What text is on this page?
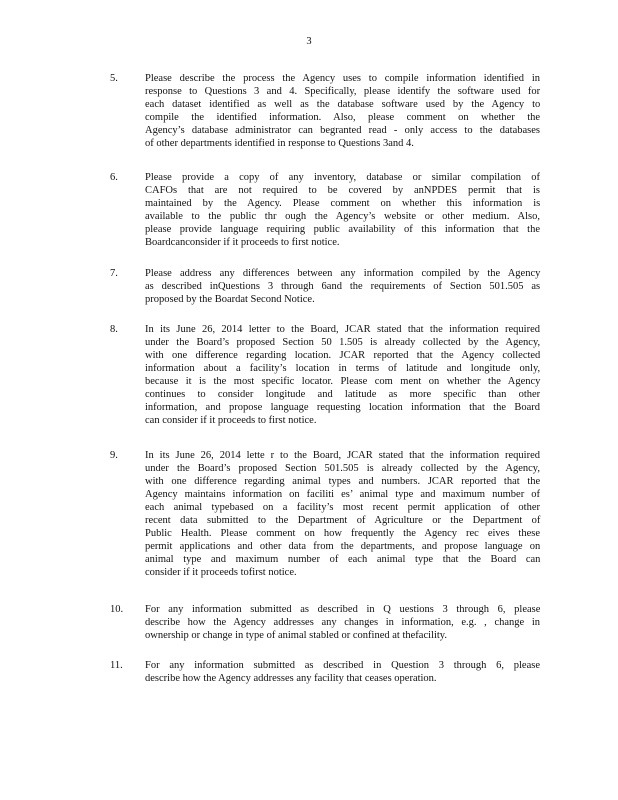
3
5.	Please describe the process the Agency uses to compile information identified in
response to Questions 3 and 4. Specifically, please identify the software used for
each dataset identified as well as the database software used by the Agency to
compile the identified information. Also, please comment on whether the
Agency’s database administrator can begranted read - only access to the databases
of other departments identified in response to Questions 3and 4.
6.	Please provide a copy of any inventory, database or similar compilation of
CAFOs that are not required to be covered by anNPDES permit that is
maintained by the Agency. Please comment on whether this information is
available to the public thr ough the Agency’s website or other medium. Also,
please provide language requiring public availability of this information that the
Boardcanconsider if it proceeds to first notice.
7.	Please address any differences between any information compiled by the Agency
as described inQuestions 3 through 6and the requirements of Section 501.505 as
proposed by the Boardat Second Notice.
8.	In its June 26, 2014 letter to the Board, JCAR stated that the information required
under the Board’s proposed Section 50 1.505 is already collected by the Agency,
with one difference regarding location. JCAR reported that the Agency collected
information about a facility’s location in terms of latitude and longitude only,
because it is the most specific locator. Please com ment on whether the Agency
continues to consider longitude and latitude as more specific than other
information, and propose language requesting location information that the Board
can consider if it proceeds to first notice.
9.	In its June 26, 2014 lette r to the Board, JCAR stated that the information required
under the Board’s proposed Section 501.505 is already collected by the Agency,
with one difference regarding animal types and numbers. JCAR reported that the
Agency maintains information on faciliti es’ animal type and maximum number of
each animal typebased on a facility’s most recent permit application of other
recent data submitted to the Department of Agriculture or the Department of
Public Health. Please comment on how frequently the Agency rec eives these
permit applications and other data from the departments, and propose language on
animal type and maximum number of each animal type that the Board can
consider if it proceeds tofirst notice.
10. For any information submitted as described in Q uestions 3 through 6, please
describe how the Agency addresses any changes in information, e.g. , change in
ownership or change in type of animal stabled or confined at thefacility.
11. For any information submitted as described in Question 3 through 6, please
describe how the Agency addresses any facility that ceases operation.
